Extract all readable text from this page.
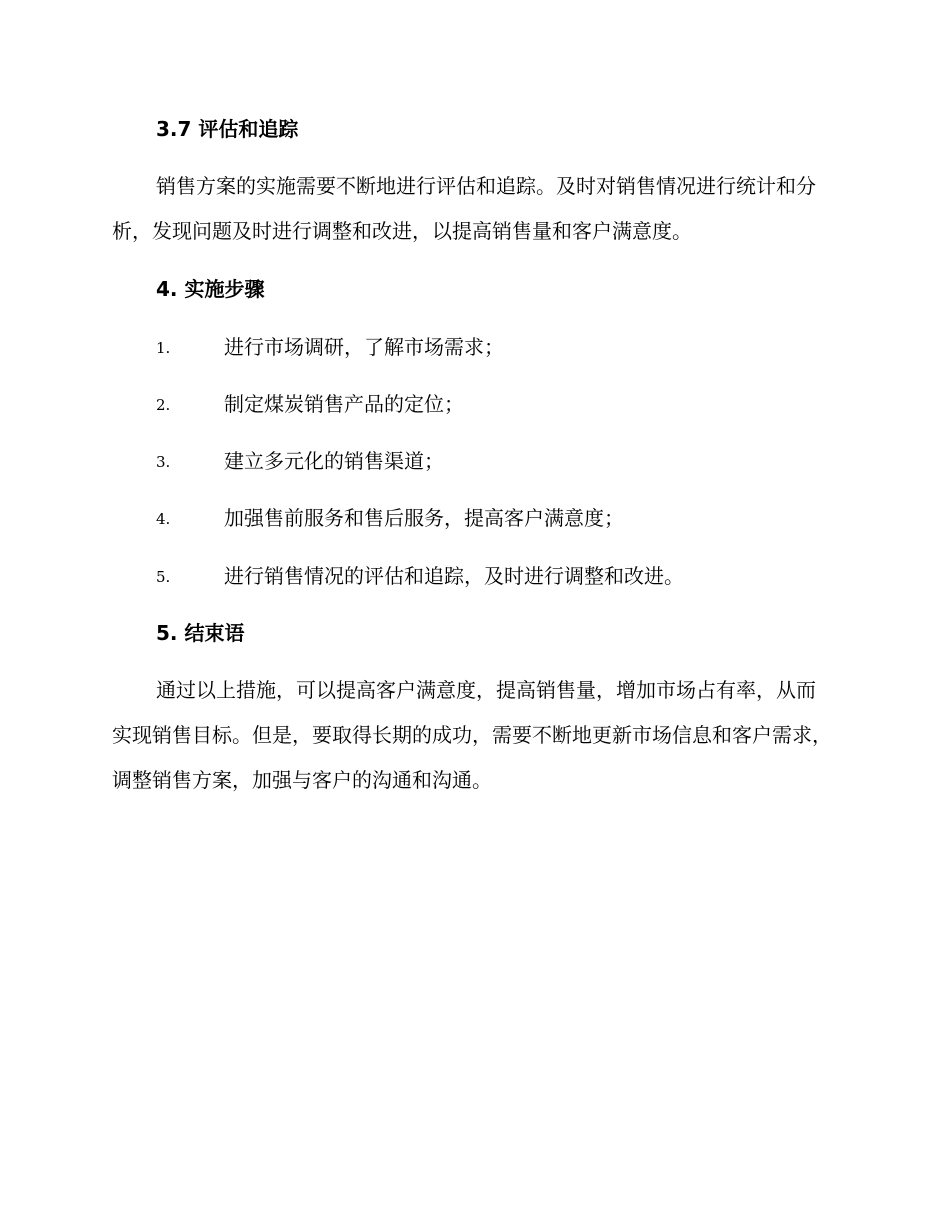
3.7 评估和追踪

销售方案的实施需要不断地进行评估和追踪。及时对销售情况进行统计和分析，发现问题及时进行调整和改进，以提高销售量和客户满意度。

4. 实施步骤
1.	进行市场调研，了解市场需求；
2.	制定煤炭销售产品的定位；
3.	建立多元化的销售渠道；
4.	加强售前服务和售后服务，提高客户满意度；
5.	进行销售情况的评估和追踪，及时进行调整和改进。
5. 结束语

通过以上措施，可以提高客户满意度，提高销售量，增加市场占有率，从而实现销售目标。但是，要取得长期的成功，需要不断地更新市场信息和客户需求，调整销售方案，加强与客户的沟通和沟通。
